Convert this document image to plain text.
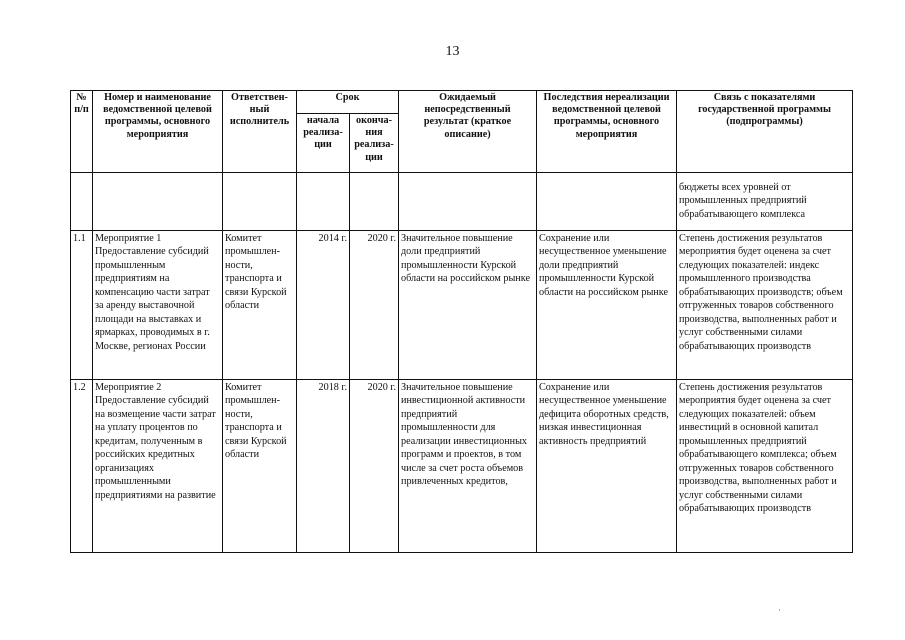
13
№ п/п	Номер и наименование ведомственной целевой программы, основного мероприятия	Ответствен-ный исполнитель	Срок		Ожидаемый непосредственный результат (краткое описание)	Последствия нереализации ведомственной целевой программы, основного мероприятия	Связь с показателями государственной программы (подпрограммы)
			начала реализа-ции	оконча-ния реализа-ции			
							бюджеты всех уровней от промышленных предприятий обрабатывающего комплекса
1.1	Мероприятие 1 Предоставление субсидий промышленным предприятиям на компенсацию части затрат за аренду выставочной площади на выставках и ярмарках, проводимых в г. Москве, регионах России	Комитет промышлен-ности, транспорта и связи Курской области	2014 г.	2020 г.	Значительное повышение доли предприятий промышленности Курской области на российском рынке	Сохранение или несущественное уменьшение доли предприятий промышленности Курской области на российском рынке	Степень достижения результатов мероприятия будет оценена за счет следующих показателей: индекс промышленного производства обрабатывающих производств; объем отгруженных товаров собственного производства, выполненных работ и услуг собственными силами обрабатывающих производств
1.2	Мероприятие 2 Предоставление субсидий на возмещение части затрат на уплату процентов по кредитам, полученным в российских кредитных организациях промышленными предприятиями на развитие	Комитет промышлен-ности, транспорта и связи Курской области	2018 г.	2020 г.	Значительное повышение инвестиционной активности предприятий промышленности для реализации инвестиционных программ и проектов, в том числе за счет роста объемов привлеченных кредитов,	Сохранение или несущественное уменьшение дефицита оборотных средств, низкая инвестиционная активность предприятий	Степень достижения результатов мероприятия будет оценена за счет следующих показателей: объем инвестиций в основной капитал промышленных предприятий обрабатывающего комплекса; объем отгруженных товаров собственного производства, выполненных работ и услуг собственными силами обрабатывающих производств
·
